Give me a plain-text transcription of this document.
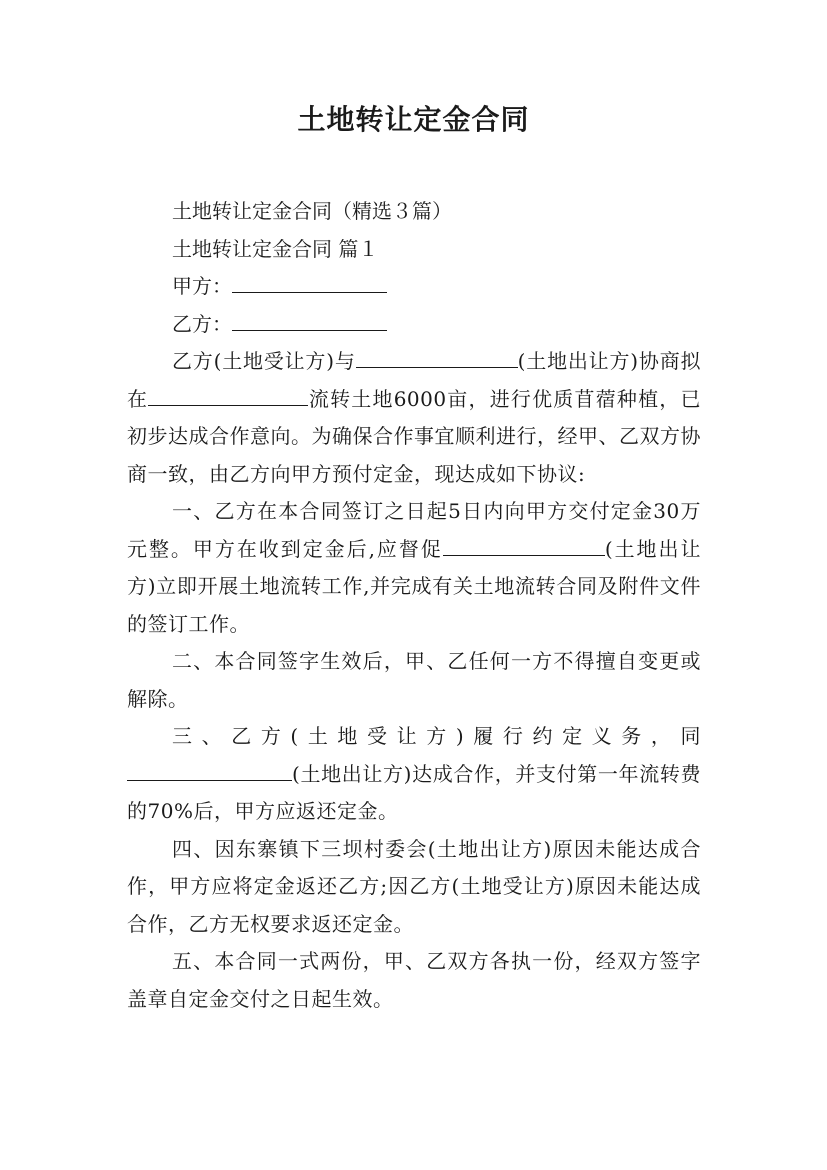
土地转让定金合同

土地转让定金合同（精选３篇）

土地转让定金合同 篇１

甲方：

乙方：

乙方(土地受让方)与	(土地出让方)协商拟在	流转土地6000亩，进行优质苜蓿种植，已初步达成合作意向。为确保合作事宜顺利进行，经甲、乙双方协商一致，由乙方向甲方预付定金，现达成如下协议:

一、乙方在本合同签订之日起5日内向甲方交付定金30万元整。甲方在收到定金后,应督促	(土地出让方)立即开展土地流转工作,并完成有关土地流转合同及附件文件的签订工作。

二、本合同签字生效后，甲、乙任何一方不得擅自变更或解除。

三、乙方(土地受让方)履行约定义务，同(土地出让方)达成合作，并支付第一年流转费的70%后，甲方应返还定金。

四、因东寨镇下三坝村委会(土地出让方)原因未能达成合作，甲方应将定金返还乙方;因乙方(土地受让方)原因未能达成合作，乙方无权要求返还定金。

五、本合同一式两份，甲、乙双方各执一份，经双方签字盖章自定金交付之日起生效。
